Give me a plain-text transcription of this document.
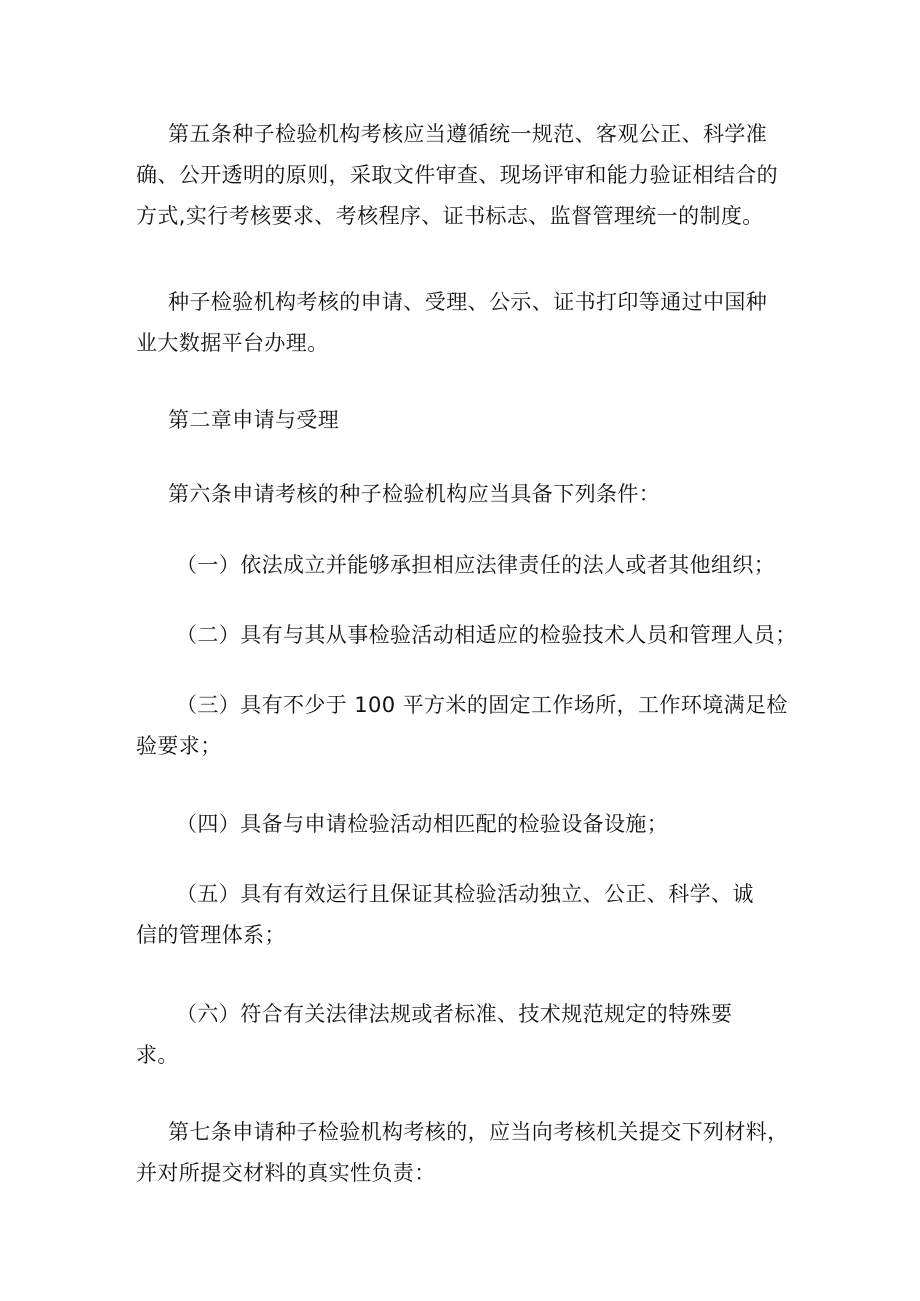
第五条种子检验机构考核应当遵循统一规范、客观公正、科学准
确、公开透明的原则，采取文件审查、现场评审和能力验证相结合的
方式,实行考核要求、考核程序、证书标志、监督管理统一的制度。

种子检验机构考核的申请、受理、公示、证书打印等通过中国种
业大数据平台办理。

第二章申请与受理

第六条申请考核的种子检验机构应当具备下列条件：

（一）依法成立并能够承担相应法律责任的法人或者其他组织；

（二）具有与其从事检验活动相适应的检验技术人员和管理人员；

（三）具有不少于 100 平方米的固定工作场所，工作环境满足检
验要求；

（四）具备与申请检验活动相匹配的检验设备设施；

（五）具有有效运行且保证其检验活动独立、公正、科学、诚
信的管理体系；

（六）符合有关法律法规或者标准、技术规范规定的特殊要
求。

第七条申请种子检验机构考核的，应当向考核机关提交下列材料，
并对所提交材料的真实性负责：
